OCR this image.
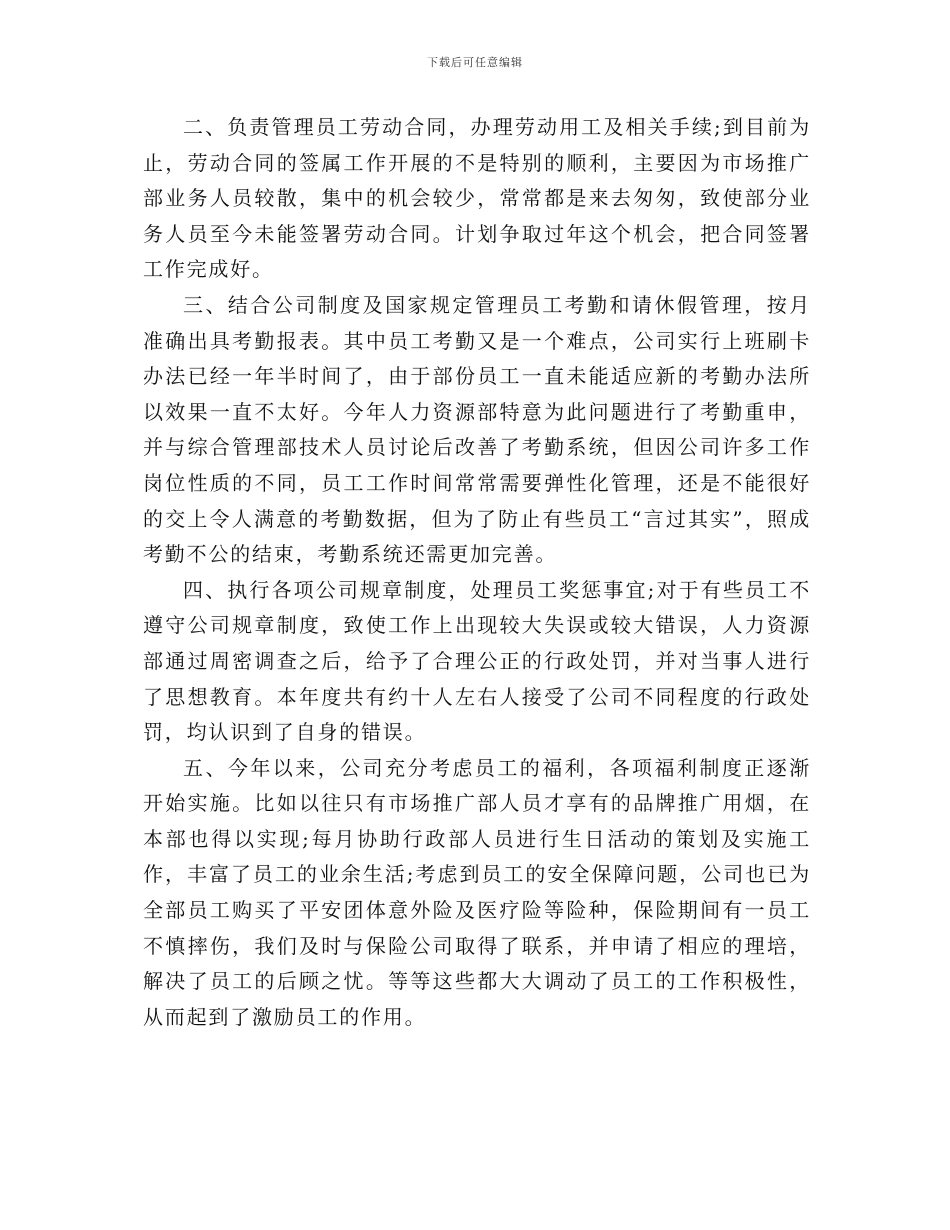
下载后可任意编辑

二、负责管理员工劳动合同，办理劳动用工及相关手续;到目前为止，劳动合同的签属工作开展的不是特别的顺利，主要因为市场推广部业务人员较散，集中的机会较少，常常都是来去匆匆，致使部分业务人员至今未能签署劳动合同。计划争取过年这个机会，把合同签署工作完成好。

三、结合公司制度及国家规定管理员工考勤和请休假管理，按月准确出具考勤报表。其中员工考勤又是一个难点，公司实行上班刷卡办法已经一年半时间了，由于部份员工一直未能适应新的考勤办法所以效果一直不太好。今年人力资源部特意为此问题进行了考勤重申，并与综合管理部技术人员讨论后改善了考勤系统，但因公司许多工作岗位性质的不同，员工工作时间常常需要弹性化管理，还是不能很好的交上令人满意的考勤数据，但为了防止有些员工“言过其实”，照成考勤不公的结束，考勤系统还需更加完善。

四、执行各项公司规章制度，处理员工奖惩事宜;对于有些员工不遵守公司规章制度，致使工作上出现较大失误或较大错误，人力资源部通过周密调查之后，给予了合理公正的行政处罚，并对当事人进行了思想教育。本年度共有约十人左右人接受了公司不同程度的行政处罚，均认识到了自身的错误。

五、今年以来，公司充分考虑员工的福利，各项福利制度正逐渐开始实施。比如以往只有市场推广部人员才享有的品牌推广用烟，在本部也得以实现;每月协助行政部人员进行生日活动的策划及实施工作，丰富了员工的业余生活;考虑到员工的安全保障问题，公司也已为全部员工购买了平安团体意外险及医疗险等险种，保险期间有一员工不慎摔伤，我们及时与保险公司取得了联系，并申请了相应的理培，解决了员工的后顾之忧。等等这些都大大调动了员工的工作积极性，从而起到了激励员工的作用。
